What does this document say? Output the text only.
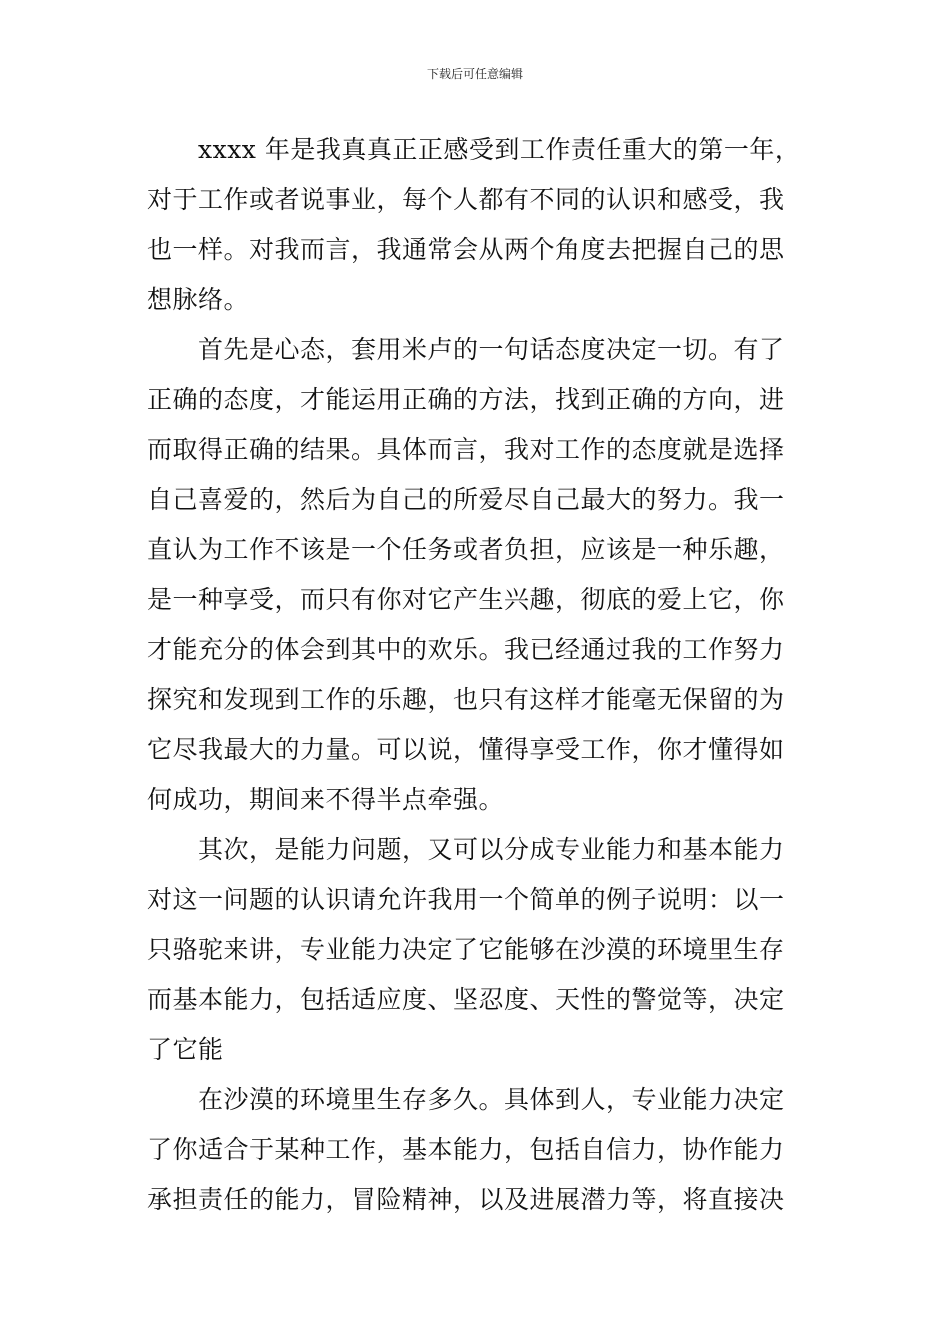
下载后可任意编辑

xxxx 年是我真真正正感受到工作责任重大的第一年，
对于工作或者说事业，每个人都有不同的认识和感受，我
也一样。对我而言，我通常会从两个角度去把握自己的思
想脉络。

首先是心态，套用米卢的一句话态度决定一切。有了
正确的态度，才能运用正确的方法，找到正确的方向，进
而取得正确的结果。具体而言，我对工作的态度就是选择
自己喜爱的，然后为自己的所爱尽自己最大的努力。我一
直认为工作不该是一个任务或者负担，应该是一种乐趣，
是一种享受，而只有你对它产生兴趣，彻底的爱上它，你
才能充分的体会到其中的欢乐。我已经通过我的工作努力
探究和发现到工作的乐趣，也只有这样才能毫无保留的为
它尽我最大的力量。可以说，懂得享受工作，你才懂得如
何成功，期间来不得半点牵强。

其次，是能力问题，又可以分成专业能力和基本能力
对这一问题的认识请允许我用一个简单的例子说明：以一
只骆驼来讲，专业能力决定了它能够在沙漠的环境里生存
而基本能力，包括适应度、坚忍度、天性的警觉等，决定
了它能

在沙漠的环境里生存多久。具体到人，专业能力决定
了你适合于某种工作，基本能力，包括自信力，协作能力
承担责任的能力，冒险精神，以及进展潜力等，将直接决
